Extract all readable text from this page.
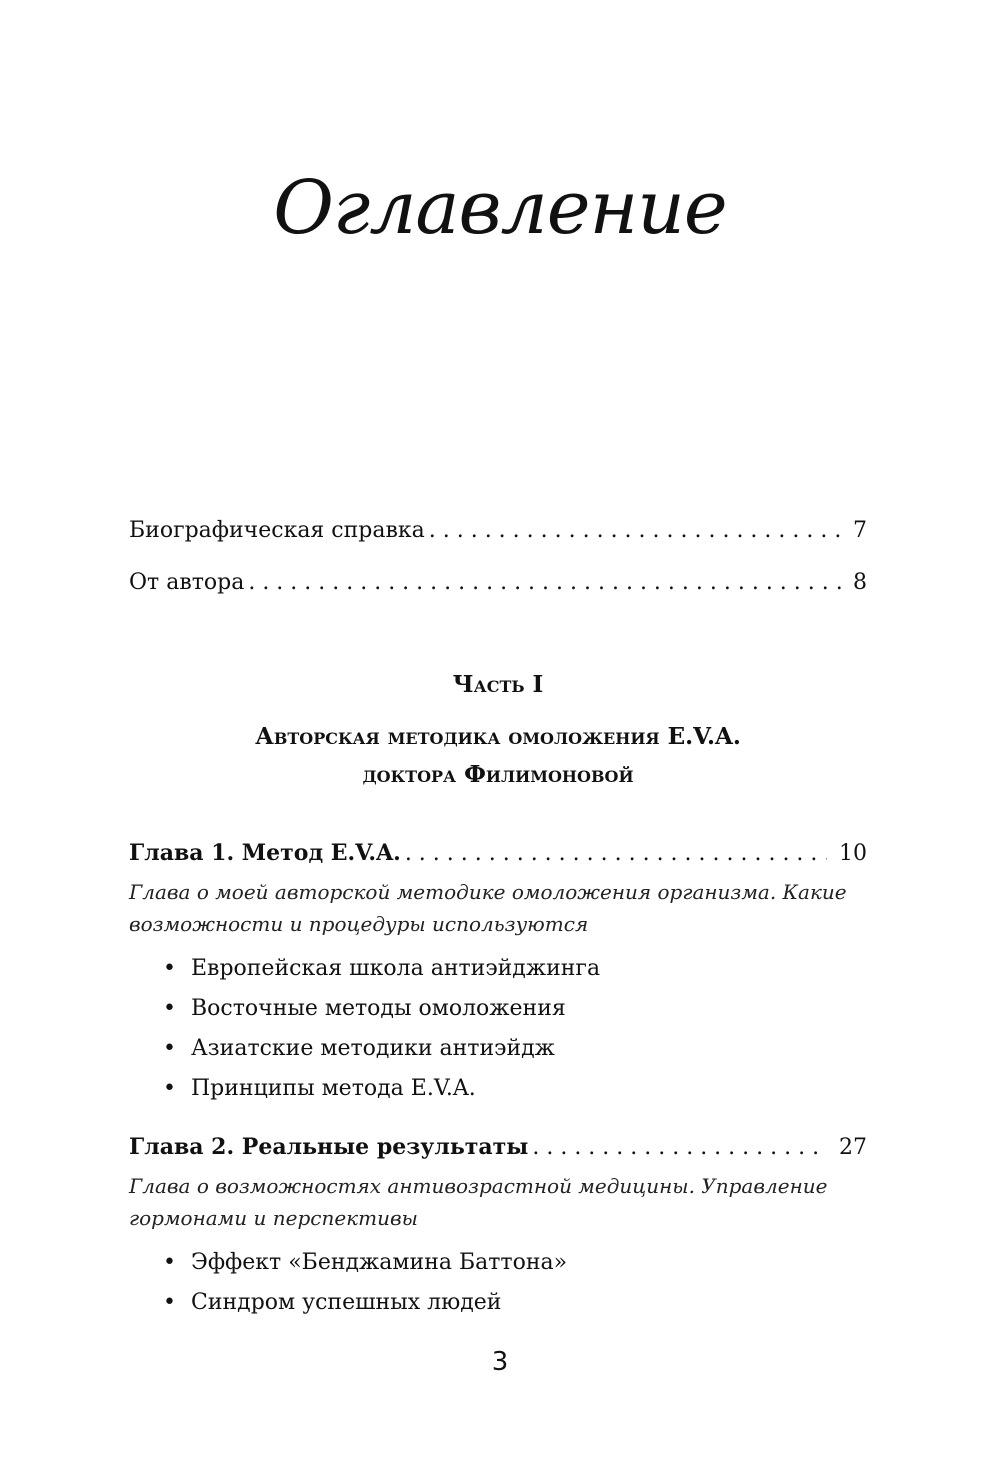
Оглавление
Биографическая справка . . .	7
От автора . . .	8
Часть I
Авторская методика омоложения E.V.A.
доктора Филимоновой
Глава 1. Метод E.V.A. . . .	10
Глава о моей авторской методике омоложения организма. Какие возможности и процедуры используются
• Европейская школа антиэйджинга
• Восточные методы омоложения
• Азиатские методики антиэйдж
• Принципы метода E.V.A.
Глава 2. Реальные результаты . . .	27
Глава о возможностях антивозрастной медицины. Управление гормонами и перспективы
• Эффект «Бенджамина Баттона»
• Синдром успешных людей
3
